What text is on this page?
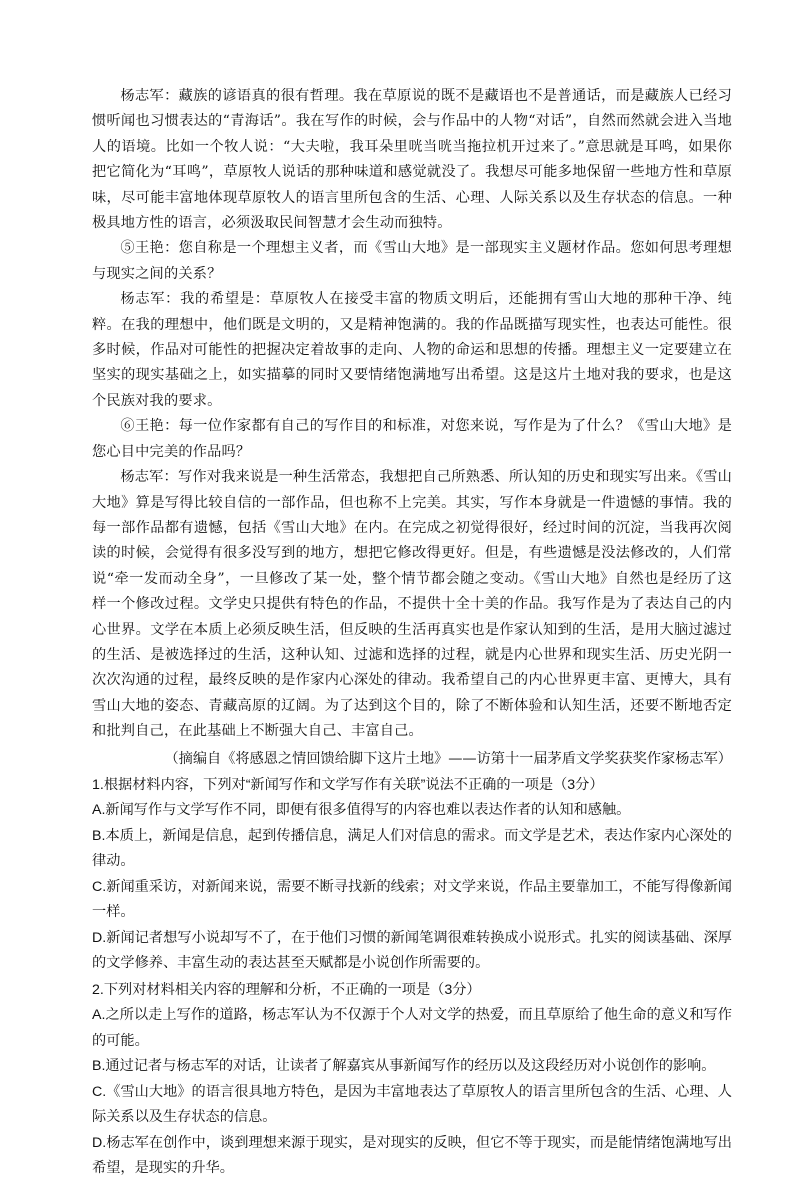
杨志军：藏族的谚语真的很有哲理。我在草原说的既不是藏语也不是普通话，而是藏族人已经习惯听闻也习惯表达的“青海话”。我在写作的时候，会与作品中的人物“对话”，自然而然就会进入当地人的语境。比如一个牧人说：“大夫啦，我耳朵里咣当咣当拖拉机开过来了。”意思就是耳鸣，如果你把它简化为“耳鸣”，草原牧人说话的那种味道和感觉就没了。我想尽可能多地保留一些地方性和草原味，尽可能丰富地体现草原牧人的语言里所包含的生活、心理、人际关系以及生存状态的信息。一种极具地方性的语言，必须汲取民间智慧才会生动而独特。

⑤王艳：您自称是一个理想主义者，而《雪山大地》是一部现实主义题材作品。您如何思考理想与现实之间的关系？

杨志军：我的希望是：草原牧人在接受丰富的物质文明后，还能拥有雪山大地的那种干净、纯粹。在我的理想中，他们既是文明的，又是精神饱满的。我的作品既描写现实性，也表达可能性。很多时候，作品对可能性的把握决定着故事的走向、人物的命运和思想的传播。理想主义一定要建立在坚实的现实基础之上，如实描摹的同时又要情绪饱满地写出希望。这是这片土地对我的要求，也是这个民族对我的要求。

⑥王艳：每一位作家都有自己的写作目的和标准，对您来说，写作是为了什么？《雪山大地》是您心目中完美的作品吗？

杨志军：写作对我来说是一种生活常态，我想把自己所熟悉、所认知的历史和现实写出来。《雪山大地》算是写得比较自信的一部作品，但也称不上完美。其实，写作本身就是一件遗憾的事情。我的每一部作品都有遗憾，包括《雪山大地》在内。在完成之初觉得很好，经过时间的沉淀，当我再次阅读的时候，会觉得有很多没写到的地方，想把它修改得更好。但是，有些遗憾是没法修改的，人们常说“牵一发而动全身”，一旦修改了某一处，整个情节都会随之变动。《雪山大地》自然也是经历了这样一个修改过程。文学史只提供有特色的作品，不提供十全十美的作品。我写作是为了表达自己的内心世界。文学在本质上必须反映生活，但反映的生活再真实也是作家认知到的生活，是用大脑过滤过的生活、是被选择过的生活，这种认知、过滤和选择的过程，就是内心世界和现实生活、历史光阴一次次沟通的过程，最终反映的是作家内心深处的律动。我希望自己的内心世界更丰富、更博大，具有雪山大地的姿态、青藏高原的辽阔。为了达到这个目的，除了不断体验和认知生活，还要不断地否定和批判自己，在此基础上不断强大自己、丰富自己。

（摘编自《将感恩之情回馈给脚下这片土地》——访第十一届茅盾文学奖获奖作家杨志军）

1.根据材料内容，下列对“新闻写作和文学写作有关联”说法不正确的一项是（3分）

A.新闻写作与文学写作不同，即便有很多值得写的内容也难以表达作者的认知和感触。

B.本质上，新闻是信息，起到传播信息，满足人们对信息的需求。而文学是艺术，表达作家内心深处的律动。

C.新闻重采访，对新闻来说，需要不断寻找新的线索；对文学来说，作品主要靠加工，不能写得像新闻一样。

D.新闻记者想写小说却写不了，在于他们习惯的新闻笔调很难转换成小说形式。扎实的阅读基础、深厚的文学修养、丰富生动的表达甚至天赋都是小说创作所需要的。

2.下列对材料相关内容的理解和分析，不正确的一项是（3分）

A.之所以走上写作的道路，杨志军认为不仅源于个人对文学的热爱，而且草原给了他生命的意义和写作的可能。

B.通过记者与杨志军的对话，让读者了解嘉宾从事新闻写作的经历以及这段经历对小说创作的影响。

C.《雪山大地》的语言很具地方特色，是因为丰富地表达了草原牧人的语言里所包含的生活、心理、人际关系以及生存状态的信息。

D.杨志军在创作中，谈到理想来源于现实，是对现实的反映，但它不等于现实，而是能情绪饱满地写出希望，是现实的升华。
